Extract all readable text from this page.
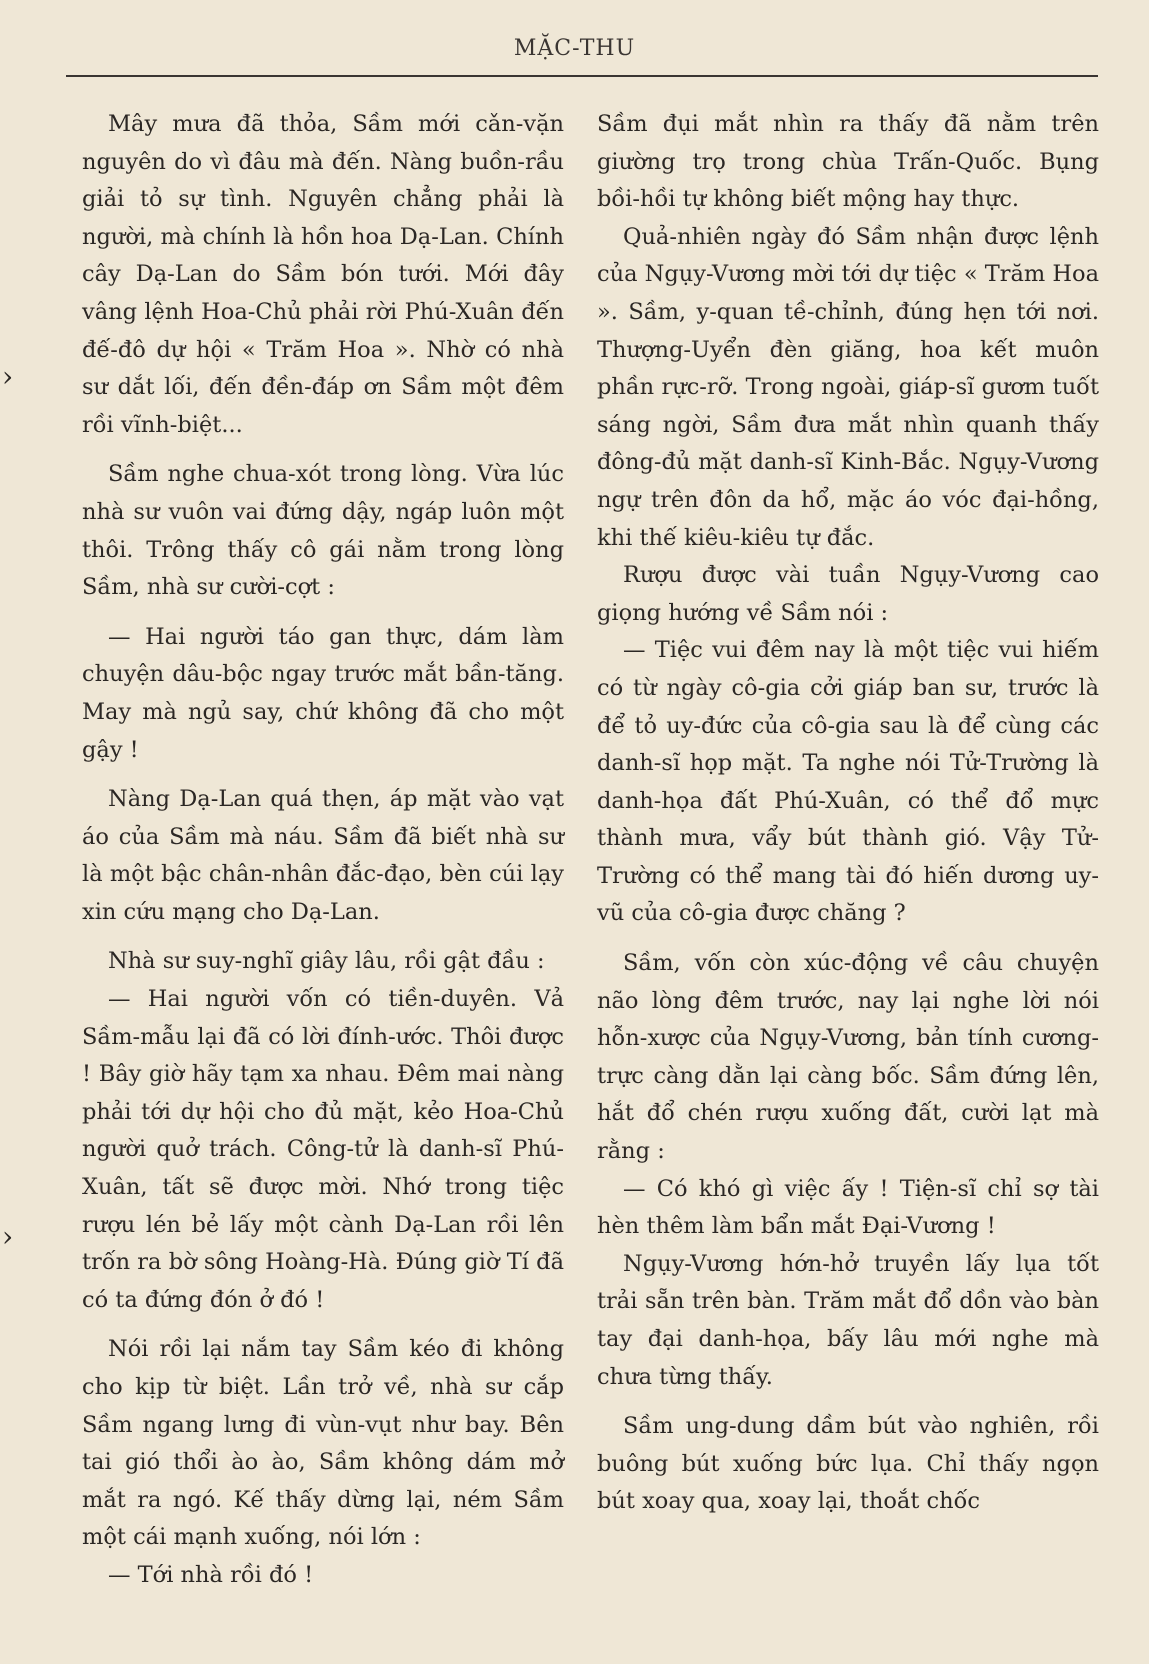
MẶC-THU
›
›

Mây mưa đã thỏa, Sầm mới cǎn-vặn nguyên do vì đâu mà đến. Nàng buồn-rầu giải tỏ sự tình. Nguyên chẳng phải là người, mà chính là hồn hoa Dạ-Lan. Chính cây Dạ-Lan do Sầm bón tưới. Mới đây vâng lệnh Hoa-Chủ phải rời Phú-Xuân đến đế-đô dự hội « Trăm Hoa ». Nhờ có nhà sư dắt lối, đến đền-đáp ơn Sầm một đêm rồi vĩnh-biệt...

Sầm nghe chua-xót trong lòng. Vừa lúc nhà sư vuôn vai đứng dậy, ngáp luôn một thôi. Trông thấy cô gái nằm trong lòng Sầm, nhà sư cười-cợt :

— Hai người táo gan thực, dám làm chuyện dâu-bộc ngay trước mắt bần-tăng. May mà ngủ say, chứ không đã cho một gậy !

Nàng Dạ-Lan quá thẹn, áp mặt vào vạt áo của Sầm mà náu. Sầm đã biết nhà sư là một bậc chân-nhân đắc-đạo, bèn cúi lạy xin cứu mạng cho Dạ-Lan.

Nhà sư suy-nghĩ giây lâu, rồi gật đầu :

— Hai người vốn có tiền-duyên. Vả Sầm-mẫu lại đã có lời đính-ước. Thôi được ! Bây giờ hãy tạm xa nhau. Đêm mai nàng phải tới dự hội cho đủ mặt, kẻo Hoa-Chủ người quở trách. Công-tử là danh-sĩ Phú-Xuân, tất sẽ được mời. Nhớ trong tiệc rượu lén bẻ lấy một cành Dạ-Lan rồi lên trốn ra bờ sông Hoàng-Hà. Đúng giờ Tí đã có ta đứng đón ở đó !

Nói rồi lại nắm tay Sầm kéo đi không cho kịp từ biệt. Lần trở về, nhà sư cắp Sầm ngang lưng đi vùn-vụt như bay. Bên tai gió thổi ào ào, Sầm không dám mở mắt ra ngó. Kế thấy dừng lại, ném Sầm một cái mạnh xuống, nói lớn :

— Tới nhà rồi đó !

Sầm đụi mắt nhìn ra thấy đã nằm trên giường trọ trong chùa Trấn-Quốc. Bụng bồi-hồi tự không biết mộng hay thực.

Quả-nhiên ngày đó Sầm nhận được lệnh của Ngụy-Vương mời tới dự tiệc « Trăm Hoa ». Sầm, y-quan tề-chỉnh, đúng hẹn tới nơi. Thượng-Uyển đèn giăng, hoa kết muôn phần rực-rỡ. Trong ngoài, giáp-sĩ gươm tuốt sáng ngời, Sầm đưa mắt nhìn quanh thấy đông-đủ mặt danh-sĩ Kinh-Bắc. Ngụy-Vương ngự trên đôn da hổ, mặc áo vóc đại-hồng, khi thế kiêu-kiêu tự đắc.

Rượu được vài tuần Ngụy-Vương cao giọng hướng về Sầm nói :

— Tiệc vui đêm nay là một tiệc vui hiếm có từ ngày cô-gia cởi giáp ban sư, trước là để tỏ uy-đức của cô-gia sau là để cùng các danh-sĩ họp mặt. Ta nghe nói Tử-Trường là danh-họa đất Phú-Xuân, có thể đổ mực thành mưa, vẩy bút thành gió. Vậy Tử-Trường có thể mang tài đó hiến dương uy-vũ của cô-gia được chăng ?

Sầm, vốn còn xúc-động về câu chuyện não lòng đêm trước, nay lại nghe lời nói hỗn-xược của Ngụy-Vương, bản tính cương-trực càng dằn lại càng bốc. Sầm đứng lên, hắt đổ chén rượu xuống đất, cười lạt mà rằng :

— Có khó gì việc ấy ! Tiện-sĩ chỉ sợ tài hèn thêm làm bẩn mắt Đại-Vương !

Ngụy-Vương hớn-hở truyền lấy lụa tốt trải sẵn trên bàn. Trăm mắt đổ dồn vào bàn tay đại danh-họa, bấy lâu mới nghe mà chưa từng thấy.

Sầm ung-dung dầm bút vào nghiên, rồi buông bút xuống bức lụa. Chỉ thấy ngọn bút xoay qua, xoay lại, thoắt chốc
